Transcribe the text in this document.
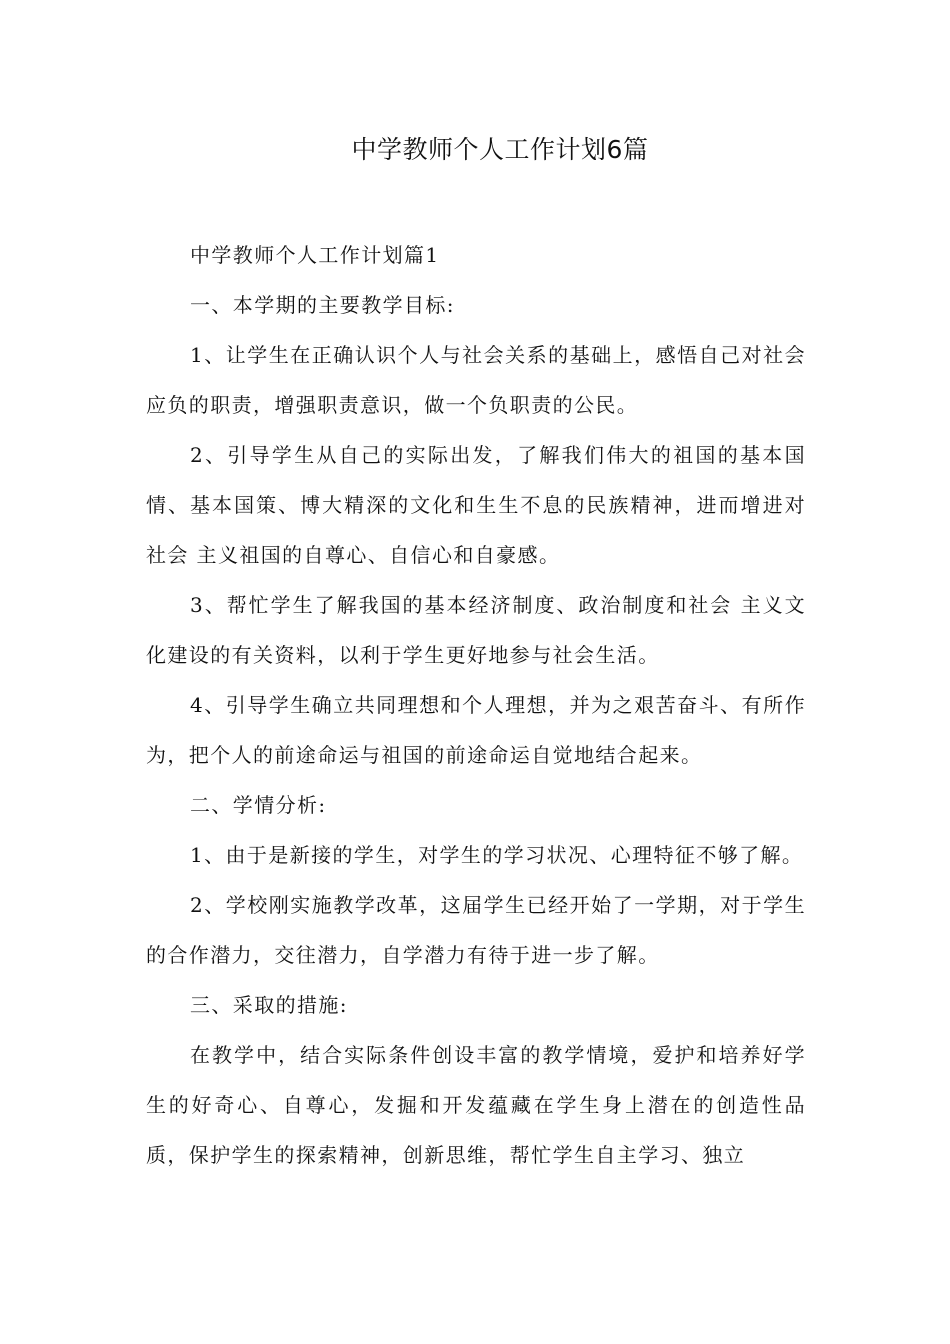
中学教师个人工作计划6篇

中学教师个人工作计划篇1

一、本学期的主要教学目标:

1、让学生在正确认识个人与社会关系的基础上，感悟自己对社会应负的职责，增强职责意识，做一个负职责的公民。

2、引导学生从自己的实际出发，了解我们伟大的祖国的基本国情、基本国策、博大精深的文化和生生不息的民族精神，进而增进对社会 主义祖国的自尊心、自信心和自豪感。

3、帮忙学生了解我国的基本经济制度、政治制度和社会 主义文化建设的有关资料，以利于学生更好地参与社会生活。

4、引导学生确立共同理想和个人理想，并为之艰苦奋斗、有所作为，把个人的前途命运与祖国的前途命运自觉地结合起来。

二、学情分析:

1、由于是新接的学生，对学生的学习状况、心理特征不够了解。

2、学校刚实施教学改革，这届学生已经开始了一学期，对于学生的合作潜力，交往潜力，自学潜力有待于进一步了解。

三、采取的措施:

在教学中，结合实际条件创设丰富的教学情境，爱护和培养好学生的好奇心、自尊心，发掘和开发蕴藏在学生身上潜在的创造性品质，保护学生的探索精神，创新思维，帮忙学生自主学习、独立
